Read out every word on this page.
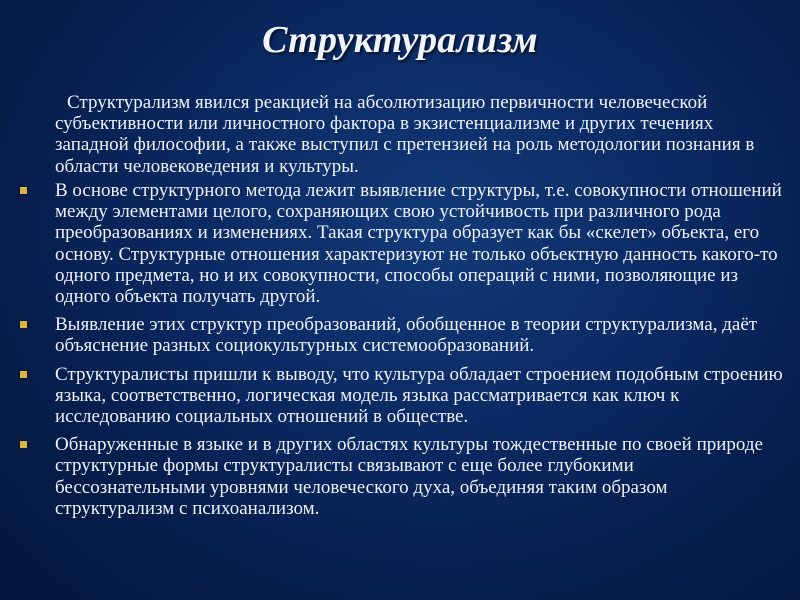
Структурализм

Структурализм явился реакцией на абсолютизацию первичности человеческой субъективности или личностного фактора в экзистенциализме и других течениях западной философии, а также выступил с претензией на роль методологии познания в области человековедения и культуры.

В основе структурного метода лежит выявление структуры, т.е. совокупности отношений между элементами целого, сохраняющих свою устойчивость при различного рода преобразованиях и изменениях. Такая структура образует как бы «скелет» объекта, его основу. Структурные отношения характеризуют не только объектную данность какого-то одного предмета, но и их совокупности, способы операций с ними, позволяющие из одного объекта получать другой.
Выявление этих структур преобразований, обобщенное в теории структурализма, даёт объяснение разных социокультурных системообразований.
Структуралисты пришли к выводу, что культура обладает строением подобным строению языка, соответственно, логическая модель языка рассматривается как ключ к исследованию социальных отношений в обществе.
Обнаруженные в языке и в других областях культуры тождественные по своей природе структурные формы структуралисты связывают с еще более глубокими бессознательными уровнями человеческого духа, объединяя таким образом структурализм с психоанализом.
